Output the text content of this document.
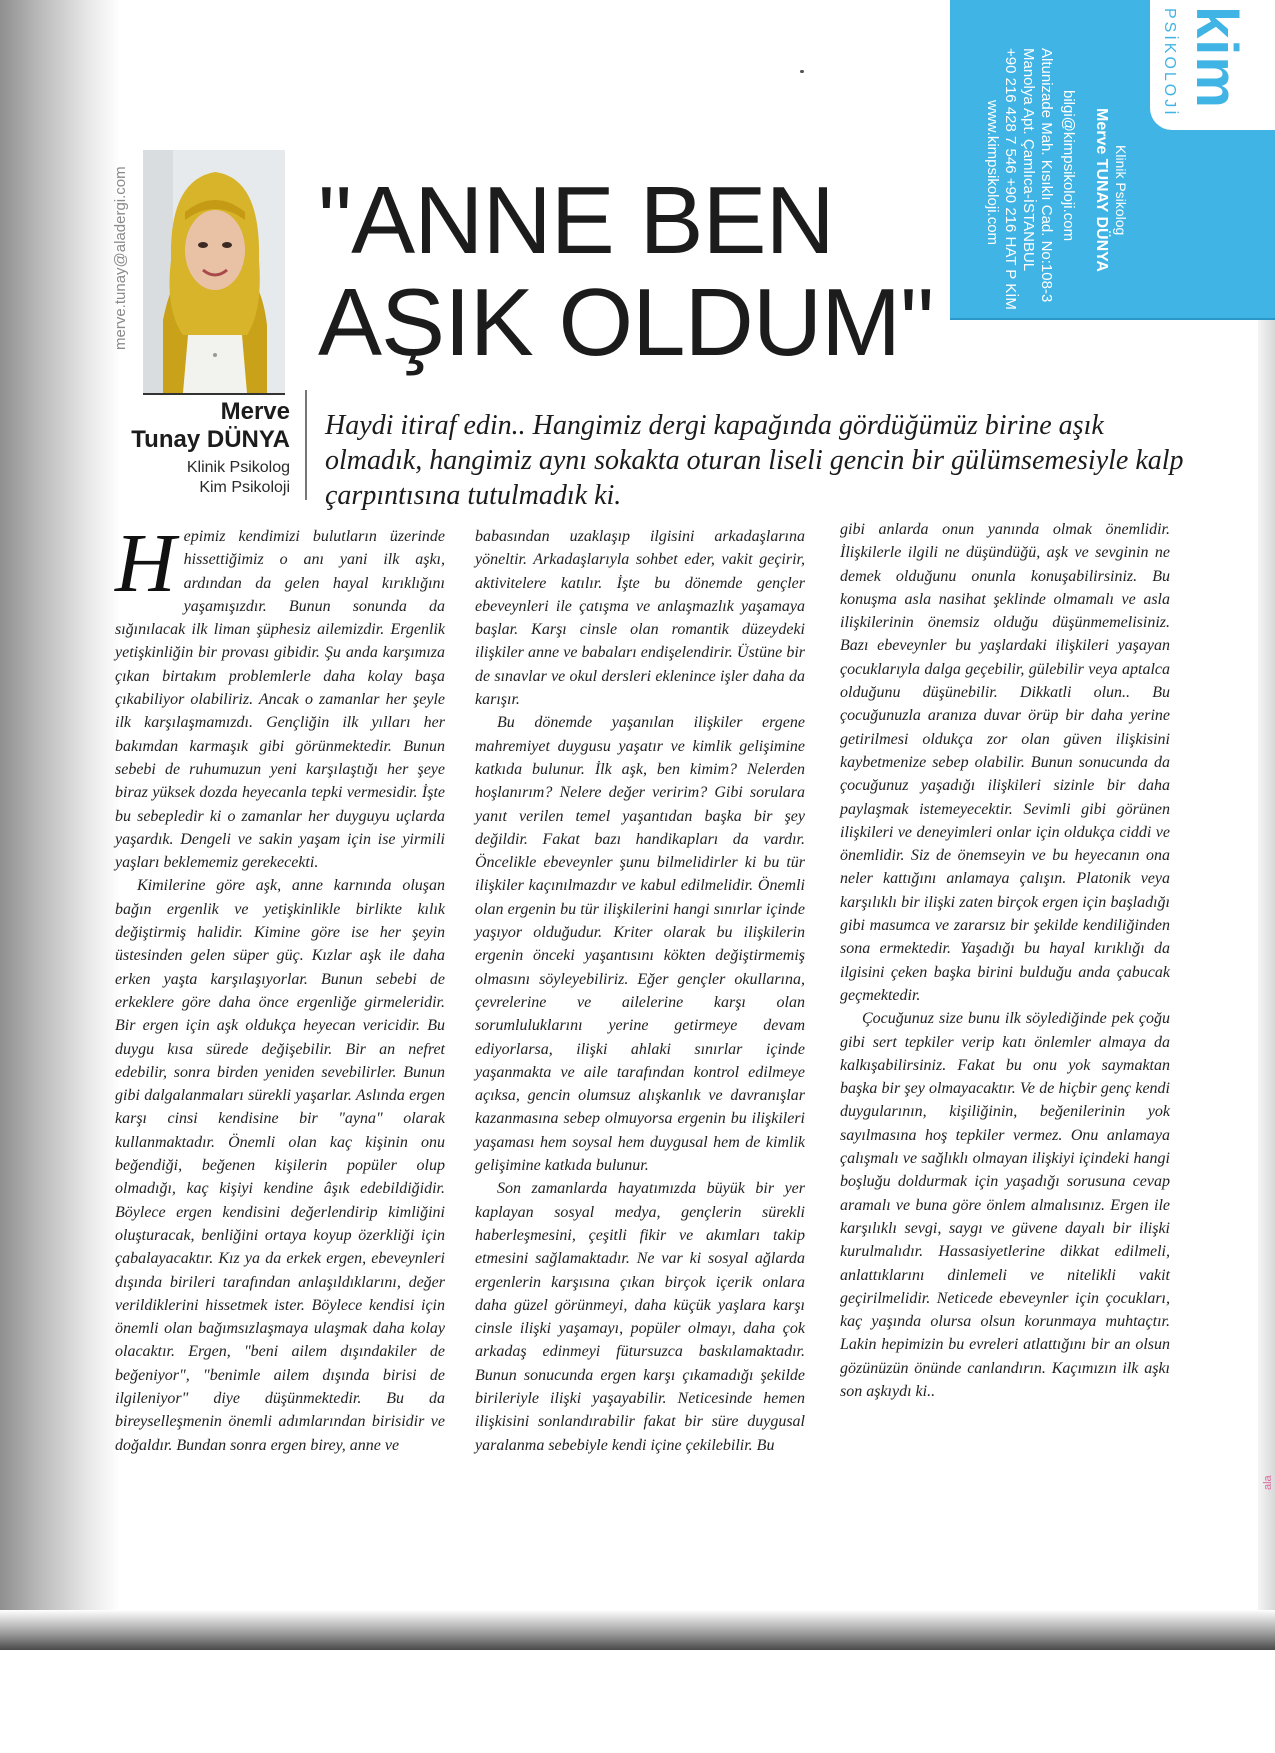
kim
PSİKOLOJİ
Klinik Psikolog
Merve TUNAY DÜNYA
bilgi@kimpsikoloji.com
Altunizade Mah. Kısıklı Cad. No:108-3
Manolya Apt. Çamlıca-İSTANBUL
+90 216 428 7 546 +90 216 HAT P KİM
www.kimpsikoloji.com
merve.tunay@aladergi.com
Merve
Tunay DÜNYA
Klinik Psikolog
Kim Psikoloji
"ANNE BEN
AŞIK OLDUM"
Haydi itiraf edin.. Hangimiz dergi kapağında gördüğümüz birine aşık olmadık, hangimiz aynı sokakta oturan liseli gencin bir gülümsemesiyle kalp çarpıntısına tutulmadık ki.

Hepimiz kendimizi bulutların üzerinde hissettiğimiz o anı yani ilk aşkı, ardından da gelen hayal kırıklığını yaşamışızdır. Bunun sonunda da sığınılacak ilk liman şüphesiz ailemizdir. Ergenlik yetişkinliğin bir provası gibidir. Şu anda karşımıza çıkan birtakım problemlerle daha kolay başa çıkabiliyor olabiliriz. Ancak o zamanlar her şeyle ilk karşılaşmamızdı. Gençliğin ilk yılları her bakımdan karmaşık gibi görünmektedir. Bunun sebebi de ruhumuzun yeni karşılaştığı her şeye biraz yüksek dozda heyecanla tepki vermesidir. İşte bu sebepledir ki o zamanlar her duyguyu uçlarda yaşardık. Dengeli ve sakin yaşam için ise yirmili yaşları beklememiz gerekecekti.

Kimilerine göre aşk, anne karnında oluşan bağın ergenlik ve yetişkinlikle birlikte kılık değiştirmiş halidir. Kimine göre ise her şeyin üstesinden gelen süper güç. Kızlar aşk ile daha erken yaşta karşılaşıyorlar. Bunun sebebi de erkeklere göre daha önce ergenliğe girmeleridir. Bir ergen için aşk oldukça heyecan vericidir. Bu duygu kısa sürede değişebilir. Bir an nefret edebilir, sonra birden yeniden sevebilirler. Bunun gibi dalgalanmaları sürekli yaşarlar. Aslında ergen karşı cinsi kendisine bir "ayna" olarak kullanmaktadır. Önemli olan kaç kişinin onu beğendiği, beğenen kişilerin popüler olup olmadığı, kaç kişiyi kendine âşık edebildiğidir. Böylece ergen kendisini değerlendirip kimliğini oluşturacak, benliğini ortaya koyup özerkliği için çabalayacaktır. Kız ya da erkek ergen, ebeveynleri dışında birileri tarafından anlaşıldıklarını, değer verildiklerini hissetmek ister. Böylece kendisi için önemli olan bağımsızlaşmaya ulaşmak daha kolay olacaktır. Ergen, "beni ailem dışındakiler de beğeniyor", "benimle ailem dışında birisi de ilgileniyor" diye düşünmektedir. Bu da bireyselleşmenin önemli adımlarından birisidir ve doğaldır. Bundan sonra ergen birey, anne ve

babasından uzaklaşıp ilgisini arkadaşlarına yöneltir. Arkadaşlarıyla sohbet eder, vakit geçirir, aktivitelere katılır. İşte bu dönemde gençler ebeveynleri ile çatışma ve anlaşmazlık yaşamaya başlar. Karşı cinsle olan romantik düzeydeki ilişkiler anne ve babaları endişelendirir. Üstüne bir de sınavlar ve okul dersleri eklenince işler daha da karışır.

Bu dönemde yaşanılan ilişkiler ergene mahremiyet duygusu yaşatır ve kimlik gelişimine katkıda bulunur. İlk aşk, ben kimim? Nelerden hoşlanırım? Nelere değer veririm? Gibi sorulara yanıt verilen temel yaşantıdan başka bir şey değildir. Fakat bazı handikapları da vardır. Öncelikle ebeveynler şunu bilmelidirler ki bu tür ilişkiler kaçınılmazdır ve kabul edilmelidir. Önemli olan ergenin bu tür ilişkilerini hangi sınırlar içinde yaşıyor olduğudur. Kriter olarak bu ilişkilerin ergenin önceki yaşantısını kökten değiştirmemiş olmasını söyleyebiliriz. Eğer gençler okullarına, çevrelerine ve ailelerine karşı olan sorumluluklarını yerine getirmeye devam ediyorlarsa, ilişki ahlaki sınırlar içinde yaşanmakta ve aile tarafından kontrol edilmeye açıksa, gencin olumsuz alışkanlık ve davranışlar kazanmasına sebep olmuyorsa ergenin bu ilişkileri yaşaması hem soysal hem duygusal hem de kimlik gelişimine katkıda bulunur.

Son zamanlarda hayatımızda büyük bir yer kaplayan sosyal medya, gençlerin sürekli haberleşmesini, çeşitli fikir ve akımları takip etmesini sağlamaktadır. Ne var ki sosyal ağlarda ergenlerin karşısına çıkan birçok içerik onlara daha güzel görünmeyi, daha küçük yaşlara karşı cinsle ilişki yaşamayı, popüler olmayı, daha çok arkadaş edinmeyi fütursuzca baskılamaktadır. Bunun sonucunda ergen karşı çıkamadığı şekilde birileriyle ilişki yaşayabilir. Neticesinde hemen ilişkisini sonlandırabilir fakat bir süre duygusal yaralanma sebebiyle kendi içine çekilebilir. Bu

gibi anlarda onun yanında olmak önemlidir. İlişkilerle ilgili ne düşündüğü, aşk ve sevginin ne demek olduğunu onunla konuşabilirsiniz. Bu konuşma asla nasihat şeklinde olmamalı ve asla ilişkilerinin önemsiz olduğu düşünmemelisiniz. Bazı ebeveynler bu yaşlardaki ilişkileri yaşayan çocuklarıyla dalga geçebilir, gülebilir veya aptalca olduğunu düşünebilir. Dikkatli olun.. Bu çocuğunuzla aranıza duvar örüp bir daha yerine getirilmesi oldukça zor olan güven ilişkisini kaybetmenize sebep olabilir. Bunun sonucunda da çocuğunuz yaşadığı ilişkileri sizinle bir daha paylaşmak istemeyecektir. Sevimli gibi görünen ilişkileri ve deneyimleri onlar için oldukça ciddi ve önemlidir. Siz de önemseyin ve bu heyecanın ona neler kattığını anlamaya çalışın. Platonik veya karşılıklı bir ilişki zaten birçok ergen için başladığı gibi masumca ve zararsız bir şekilde kendiliğinden sona ermektedir. Yaşadığı bu hayal kırıklığı da ilgisini çeken başka birini bulduğu anda çabucak geçmektedir.

Çocuğunuz size bunu ilk söylediğinde pek çoğu gibi sert tepkiler verip katı önlemler almaya da kalkışabilirsiniz. Fakat bu onu yok saymaktan başka bir şey olmayacaktır. Ve de hiçbir genç kendi duygularının, kişiliğinin, beğenilerinin yok sayılmasına hoş tepkiler vermez. Onu anlamaya çalışmalı ve sağlıklı olmayan ilişkiyi içindeki hangi boşluğu doldurmak için yaşadığı sorusuna cevap aramalı ve buna göre önlem almalısınız. Ergen ile karşılıklı sevgi, saygı ve güvene dayalı bir ilişki kurulmalıdır. Hassasiyetlerine dikkat edilmeli, anlattıklarını dinlemeli ve nitelikli vakit geçirilmelidir. Neticede ebeveynler için çocukları, kaç yaşında olursa olsun korunmaya muhtaçtır. Lakin hepimizin bu evreleri atlattığını bir an olsun gözünüzün önünde canlandırın. Kaçımızın ilk aşkı son aşkıydı ki..

ala
